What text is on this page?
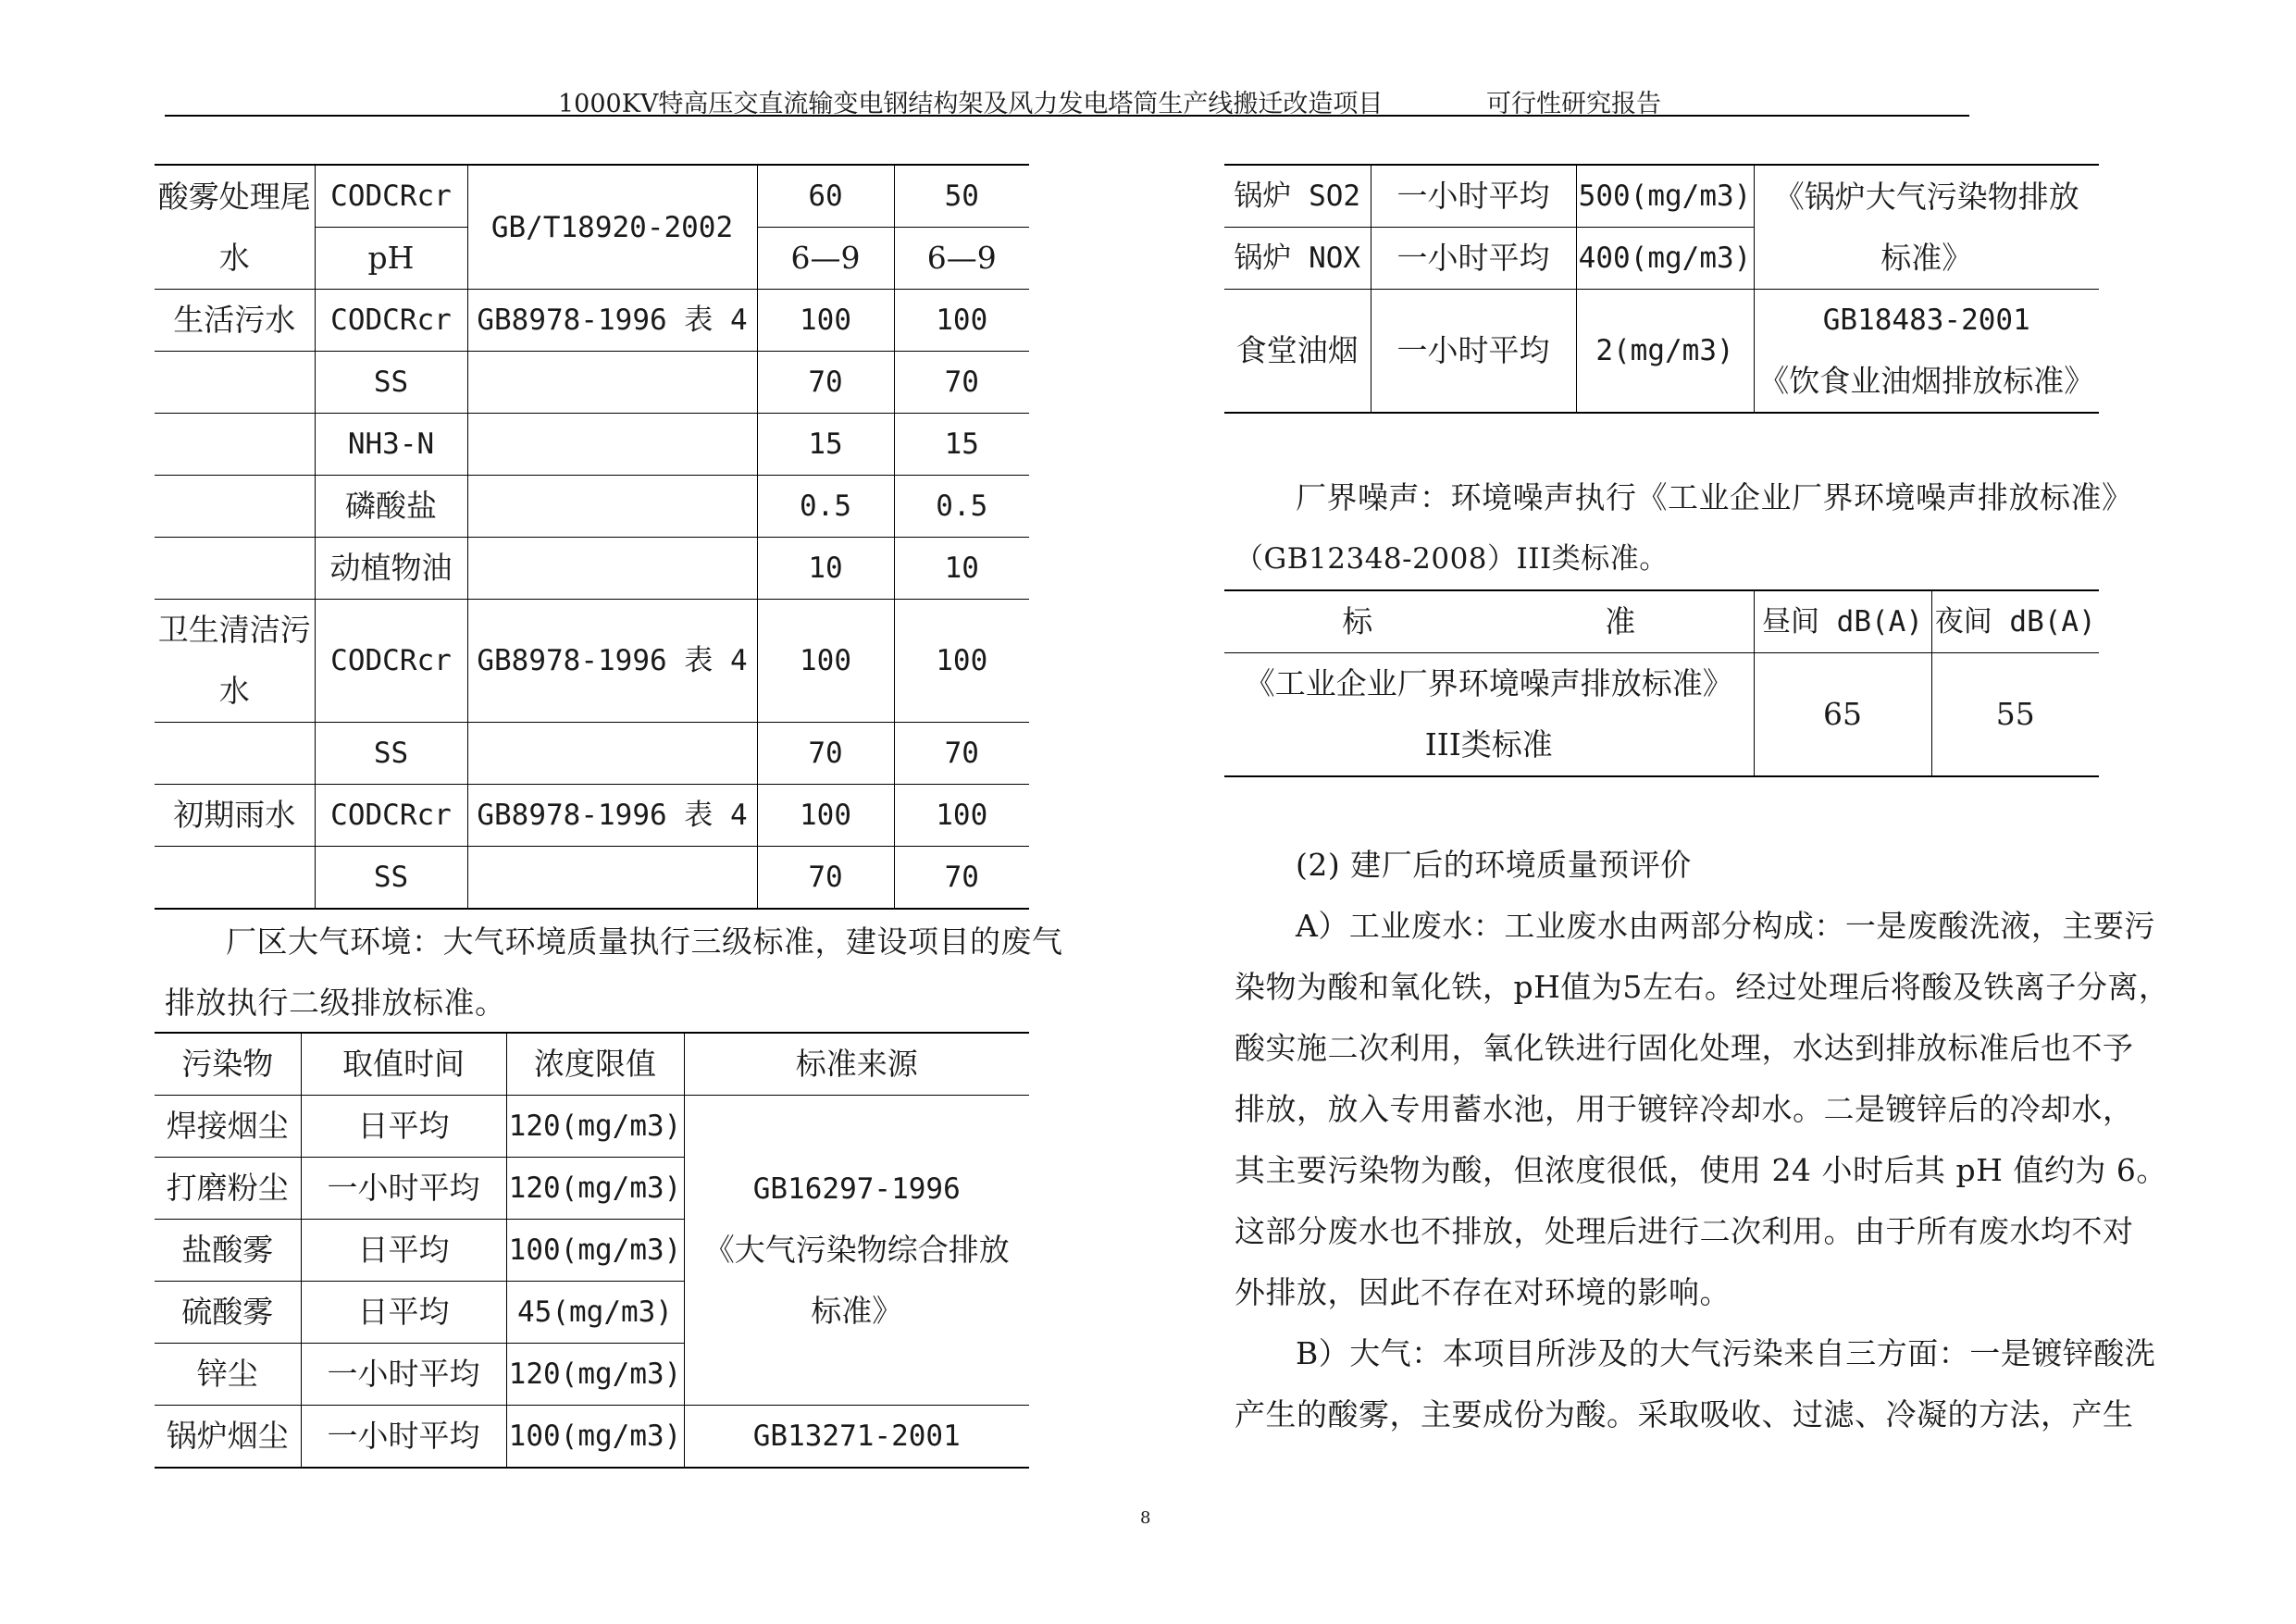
1000KV特高压交直流输变电钢结构架及风力发电塔筒生产线搬迁改造项目	可行性研究报告
酸雾处理尾水	CODCRcr	GB/T18920-2002	60	50
	pH		6—9	6—9
生活污水	CODCRcr	GB8978-1996 表 4	100	100
	SS		70	70
	NH3-N		15	15
	磷酸盐		0.5	0.5
	动植物油		10	10
卫生清洁污水	CODCRcr	GB8978-1996 表 4	100	100
	SS		70	70
初期雨水	CODCRcr	GB8978-1996 表 4	100	100
	SS		70	70
厂区大气环境：大气环境质量执行三级标准，建设项目的废气
排放执行二级排放标准。
污染物	取值时间	浓度限值	标准来源
焊接烟尘	日平均	120(mg/m3)	GB16297-1996
《大气污染物综合排放
标准》

打磨粉尘	一小时平均	120(mg/m3)	
盐酸雾	日平均	100(mg/m3)	
硫酸雾	日平均	45(mg/m3)	
锌尘	一小时平均	120(mg/m3)	
锅炉烟尘	一小时平均	100(mg/m3)	GB13271-2001
锅炉 SO2	一小时平均	500(mg/m3)	《锅炉大气污染物排放
标准》

锅炉 NOX	一小时平均	400(mg/m3)	
食堂油烟	一小时平均	2(mg/m3)	GB18483-2001
《饮食业油烟排放标准》
厂界噪声：环境噪声执行《工业企业厂界环境噪声排放标准》
（GB12348-2008）III类标准。
标 准	昼间 dB(A)	夜间 dB(A)

《工业企业厂界环境噪声排放标准》
III类标准	65	55
(2) 建厂后的环境质量预评价
A）工业废水：工业废水由两部分构成：一是废酸洗液，主要污
染物为酸和氧化铁，pH值为5左右。经过处理后将酸及铁离子分离，
酸实施二次利用，氧化铁进行固化处理，水达到排放标准后也不予
排放，放入专用蓄水池，用于镀锌冷却水。二是镀锌后的冷却水，
其主要污染物为酸，但浓度很低，使用 24 小时后其 pH 值约为 6。
这部分废水也不排放，处理后进行二次利用。由于所有废水均不对
外排放，因此不存在对环境的影响。
B）大气：本项目所涉及的大气污染来自三方面：一是镀锌酸洗
产生的酸雾，主要成份为酸。采取吸收、过滤、冷凝的方法，产生
8
